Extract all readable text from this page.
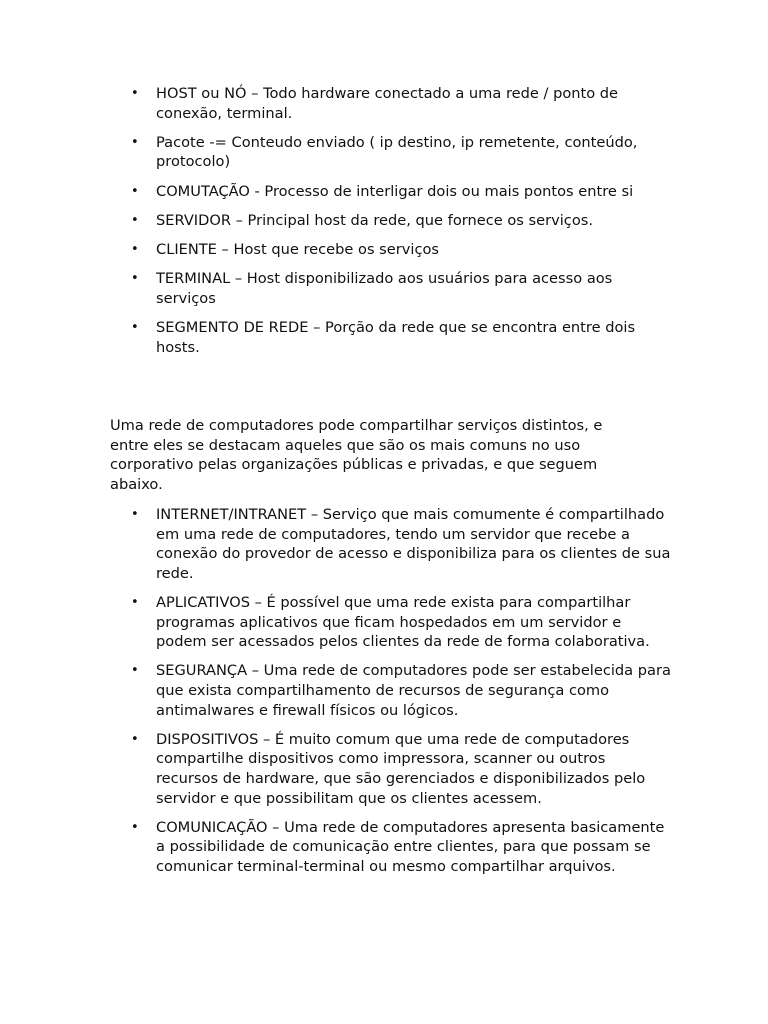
• HOST ou NÓ – Todo hardware conectado a uma rede / ponto de conexão, terminal.
• Pacote -= Conteudo enviado ( ip destino, ip remetente, conteúdo, protocolo)
• COMUTAÇÃO - Processo de interligar dois ou mais pontos entre si
• SERVIDOR – Principal host da rede, que fornece os serviços.
• CLIENTE – Host que recebe os serviços
• TERMINAL – Host disponibilizado aos usuários para acesso aos serviços
• SEGMENTO DE REDE – Porção da rede que se encontra entre dois hosts.

Uma rede de computadores pode compartilhar serviços distintos, e entre eles se destacam aqueles que são os mais comuns no uso corporativo pelas organizações públicas e privadas, e que seguem abaixo.

• INTERNET/INTRANET – Serviço que mais comumente é compartilhado em uma rede de computadores, tendo um servidor que recebe a conexão do provedor de acesso e disponibiliza para os clientes de sua rede.
• APLICATIVOS – É possível que uma rede exista para compartilhar programas aplicativos que ficam hospedados em um servidor e podem ser acessados pelos clientes da rede de forma colaborativa.
• SEGURANÇA – Uma rede de computadores pode ser estabelecida para que exista compartilhamento de recursos de segurança como antimalwares e firewall físicos ou lógicos.
• DISPOSITIVOS – É muito comum que uma rede de computadores compartilhe dispositivos como impressora, scanner ou outros recursos de hardware, que são gerenciados e disponibilizados pelo servidor e que possibilitam que os clientes acessem.
• COMUNICAÇÃO – Uma rede de computadores apresenta basicamente a possibilidade de comunicação entre clientes, para que possam se comunicar terminal-terminal ou mesmo compartilhar arquivos.
